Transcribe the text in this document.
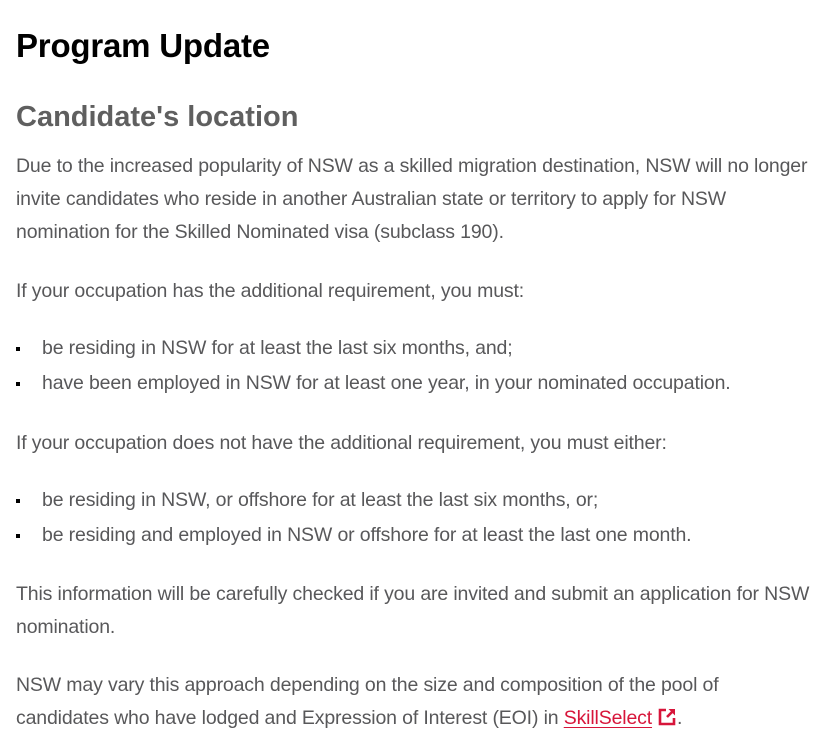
Program Update
Candidate's location

Due to the increased popularity of NSW as a skilled migration destination, NSW will no longer invite candidates who reside in another Australian state or territory to apply for NSW nomination for the Skilled Nominated visa (subclass 190).

If your occupation has the additional requirement, you must:

be residing in NSW for at least the last six months, and;
have been employed in NSW for at least one year, in your nominated occupation.

If your occupation does not have the additional requirement, you must either:

be residing in NSW, or offshore for at least the last six months, or;
be residing and employed in NSW or offshore for at least the last one month.

This information will be carefully checked if you are invited and submit an application for NSW nomination.

NSW may vary this approach depending on the size and composition of the pool of candidates who have lodged and Expression of Interest (EOI) in SkillSelect .
